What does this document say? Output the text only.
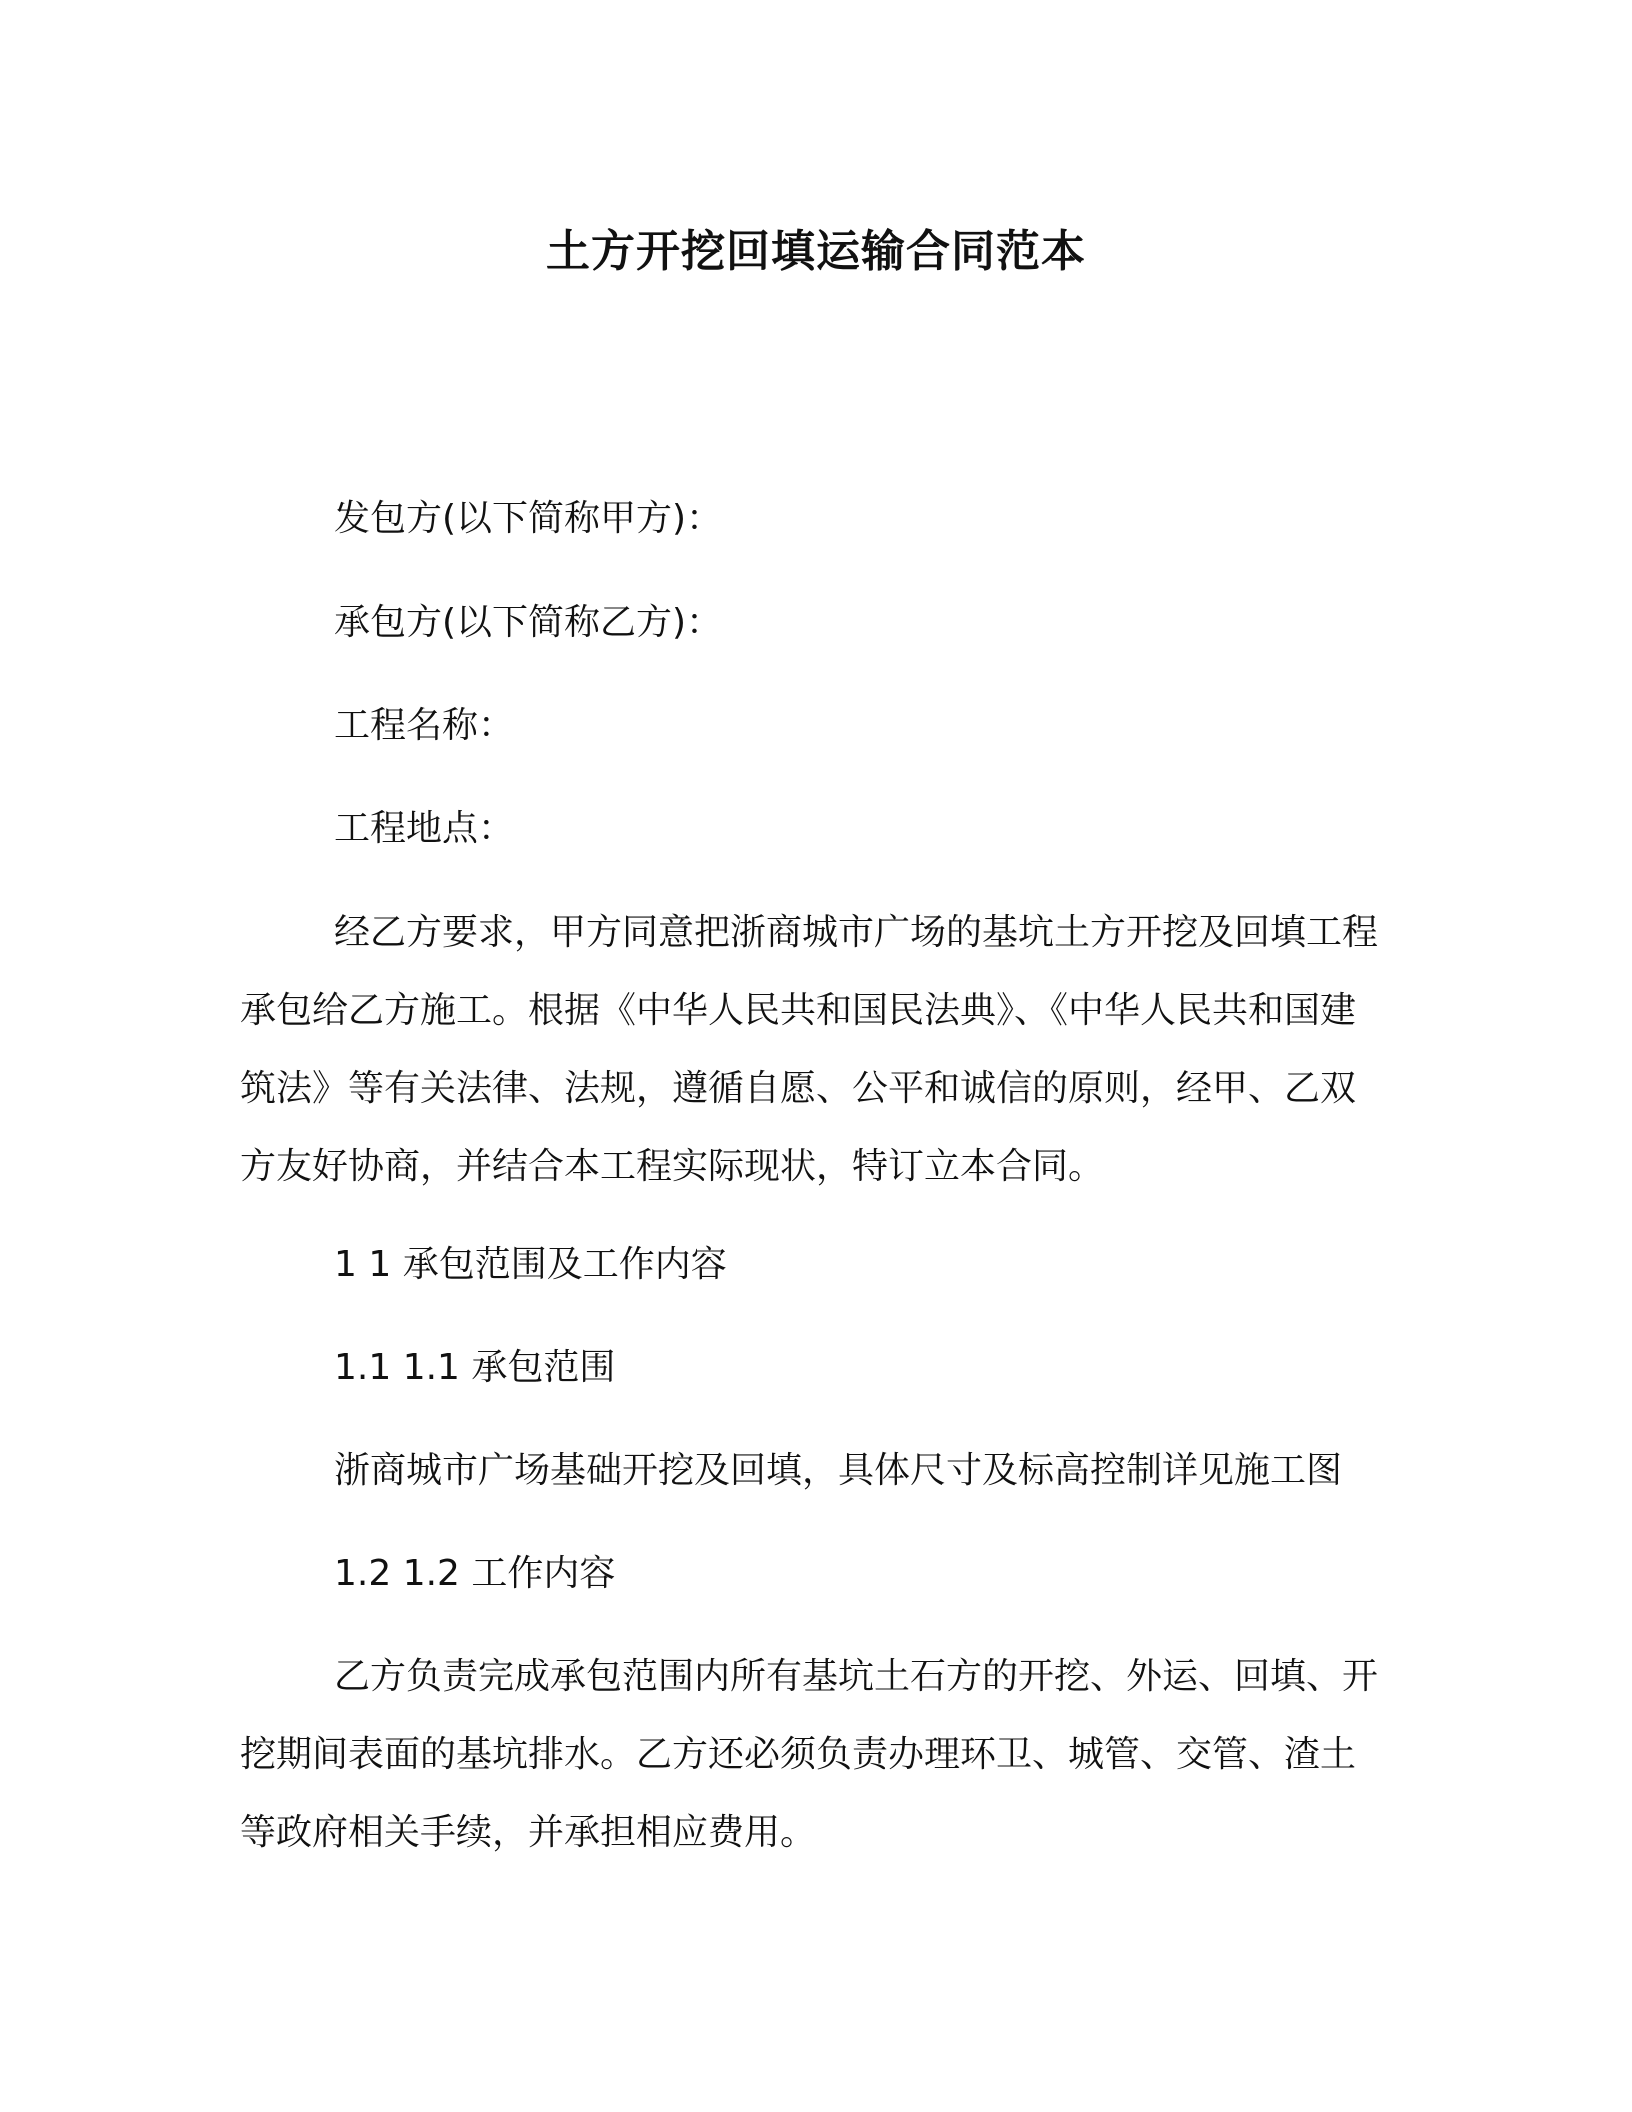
土方开挖回填运输合同范本
发包方(以下简称甲方)：
承包方(以下简称乙方)：
工程名称：
工程地点：
经乙方要求，甲方同意把浙商城市广场的基坑土方开挖及回填工程承包给乙方施工。根据《中华人民共和国民法典》、《中华人民共和国建筑法》等有关法律、法规，遵循自愿、公平和诚信的原则，经甲、乙双方友好协商，并结合本工程实际现状，特订立本合同。
1 1 承包范围及工作内容
1.1 1.1 承包范围
浙商城市广场基础开挖及回填，具体尺寸及标高控制详见施工图
1.2 1.2 工作内容
乙方负责完成承包范围内所有基坑土石方的开挖、外运、回填、开挖期间表面的基坑排水。乙方还必须负责办理环卫、城管、交管、渣土等政府相关手续，并承担相应费用。
